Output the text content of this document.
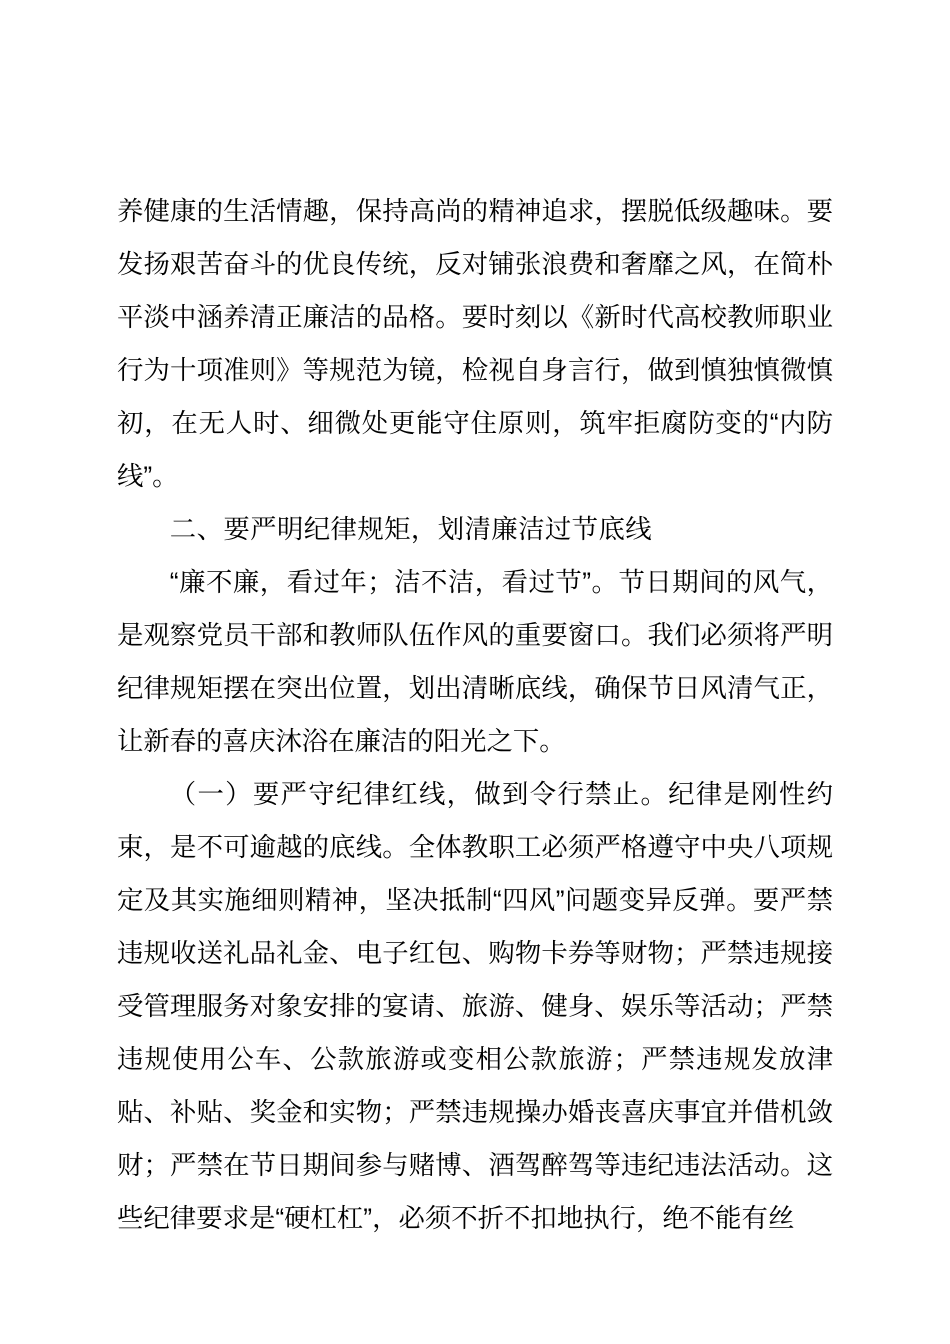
养健康的生活情趣，保持高尚的精神追求，摆脱低级趣味。要发扬艰苦奋斗的优良传统，反对铺张浪费和奢靡之风，在简朴平淡中涵养清正廉洁的品格。要时刻以《新时代高校教师职业行为十项准则》等规范为镜，检视自身言行，做到慎独慎微慎初，在无人时、细微处更能守住原则，筑牢拒腐防变的“内防线”。

二、要严明纪律规矩，划清廉洁过节底线

“廉不廉，看过年；洁不洁，看过节”。节日期间的风气，是观察党员干部和教师队伍作风的重要窗口。我们必须将严明纪律规矩摆在突出位置，划出清晰底线，确保节日风清气正，让新春的喜庆沐浴在廉洁的阳光之下。

（一）要严守纪律红线，做到令行禁止。纪律是刚性约束，是不可逾越的底线。全体教职工必须严格遵守中央八项规定及其实施细则精神，坚决抵制“四风”问题变异反弹。要严禁违规收送礼品礼金、电子红包、购物卡券等财物；严禁违规接受管理服务对象安排的宴请、旅游、健身、娱乐等活动；严禁违规使用公车、公款旅游或变相公款旅游；严禁违规发放津贴、补贴、奖金和实物；严禁违规操办婚丧喜庆事宜并借机敛财；严禁在节日期间参与赌博、酒驾醉驾等违纪违法活动。这些纪律要求是“硬杠杠”，必须不折不扣地执行，绝不能有丝
